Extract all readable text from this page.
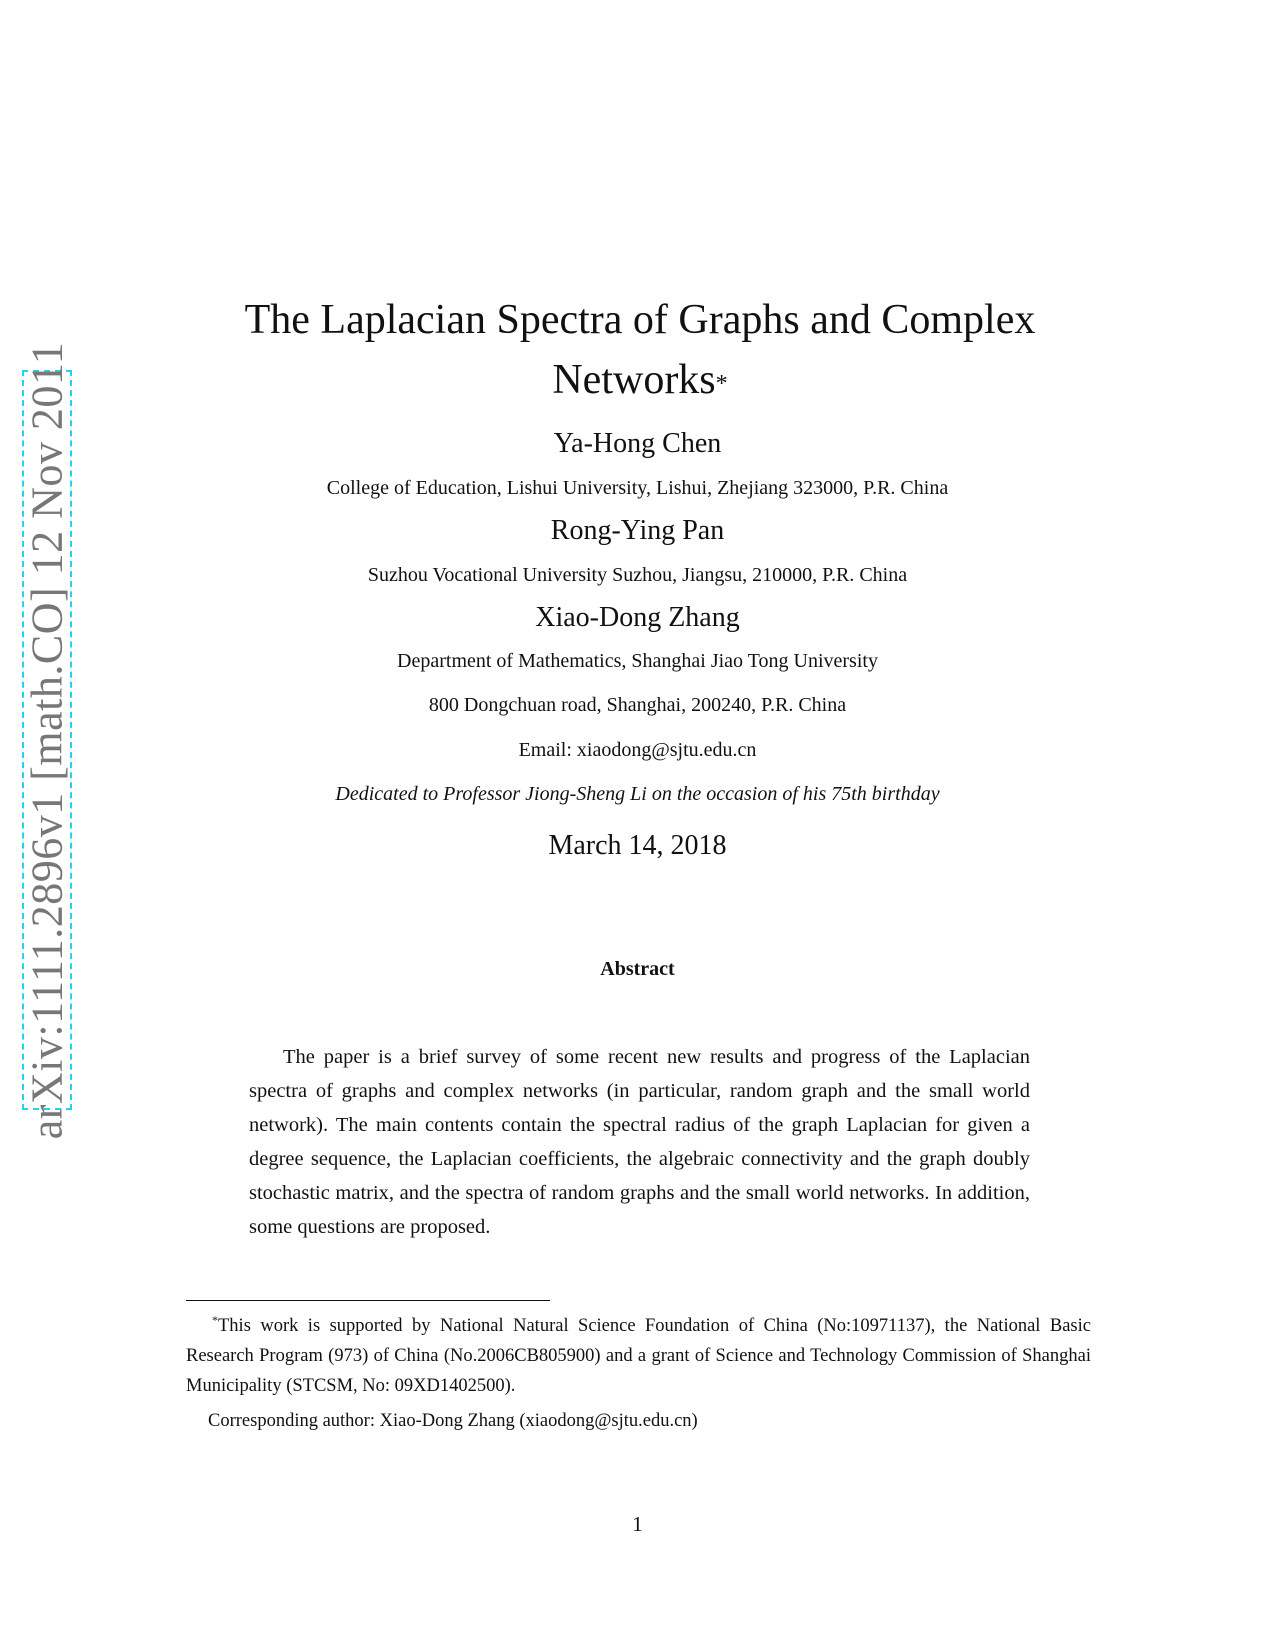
arXiv:1111.2896v1 [math.CO] 12 Nov 2011
The Laplacian Spectra of Graphs and Complex
Networks*
Ya-Hong Chen
College of Education, Lishui University, Lishui, Zhejiang 323000, P.R. China
Rong-Ying Pan
Suzhou Vocational University Suzhou, Jiangsu, 210000, P.R. China
Xiao-Dong Zhang
Department of Mathematics, Shanghai Jiao Tong University
800 Dongchuan road, Shanghai, 200240, P.R. China
Email: xiaodong@sjtu.edu.cn
Dedicated to Professor Jiong-Sheng Li on the occasion of his 75th birthday
March 14, 2018
Abstract
The paper is a brief survey of some recent new results and progress of the Laplacian spectra of graphs and complex networks (in particular, random graph and the small world network). The main contents contain the spectral radius of the graph Laplacian for given a degree sequence, the Laplacian coefficients, the algebraic connectivity and the graph doubly stochastic matrix, and the spectra of random graphs and the small world networks. In addition, some questions are proposed.
*This work is supported by National Natural Science Foundation of China (No:10971137), the National Basic Research Program (973) of China (No.2006CB805900) and a grant of Science and Technology Commission of Shanghai Municipality (STCSM, No: 09XD1402500).
Corresponding author: Xiao-Dong Zhang (xiaodong@sjtu.edu.cn)
1
